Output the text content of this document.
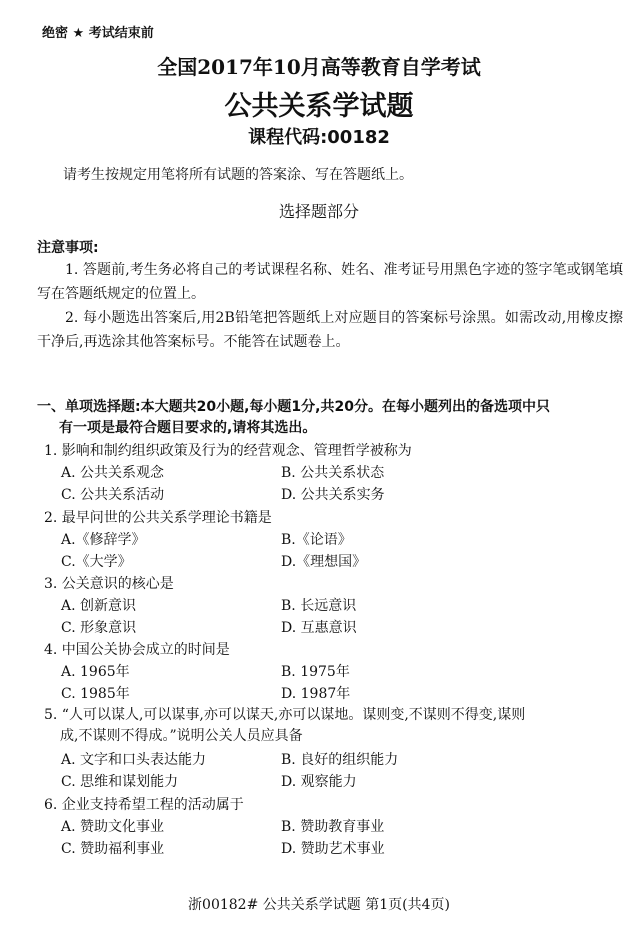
绝密 ★ 考试结束前
全国2017年10月高等教育自学考试
公共关系学试题
课程代码:00182
请考生按规定用笔将所有试题的答案涂、写在答题纸上。
选择题部分
注意事项:
1. 答题前,考生务必将自己的考试课程名称、姓名、准考证号用黑色字迹的签字笔或钢笔填写在答题纸规定的位置上。
2. 每小题选出答案后,用2B铅笔把答题纸上对应题目的答案标号涂黑。如需改动,用橡皮擦干净后,再选涂其他答案标号。不能答在试题卷上。
一、单项选择题:本大题共20小题,每小题1分,共20分。在每小题列出的备选项中只
有一项是最符合题目要求的,请将其选出。
1. 影响和制约组织政策及行为的经营观念、管理哲学被称为
A. 公共关系观念	B. 公共关系状态
C. 公共关系活动	D. 公共关系实务
2. 最早问世的公共关系学理论书籍是
A.《修辞学》	B.《论语》
C.《大学》	D.《理想国》
3. 公关意识的核心是
A. 创新意识	B. 长远意识
C. 形象意识	D. 互惠意识
4. 中国公关协会成立的时间是
A. 1965年	B. 1975年
C. 1985年	D. 1987年
5. “人可以谋人,可以谋事,亦可以谋天,亦可以谋地。谋则变,不谋则不得变,谋则
成,不谋则不得成。”说明公关人员应具备
A. 文字和口头表达能力	B. 良好的组织能力
C. 思维和谋划能力	D. 观察能力
6. 企业支持希望工程的活动属于
A. 赞助文化事业	B. 赞助教育事业
C. 赞助福利事业	D. 赞助艺术事业
浙00182# 公共关系学试题 第1页(共4页)
